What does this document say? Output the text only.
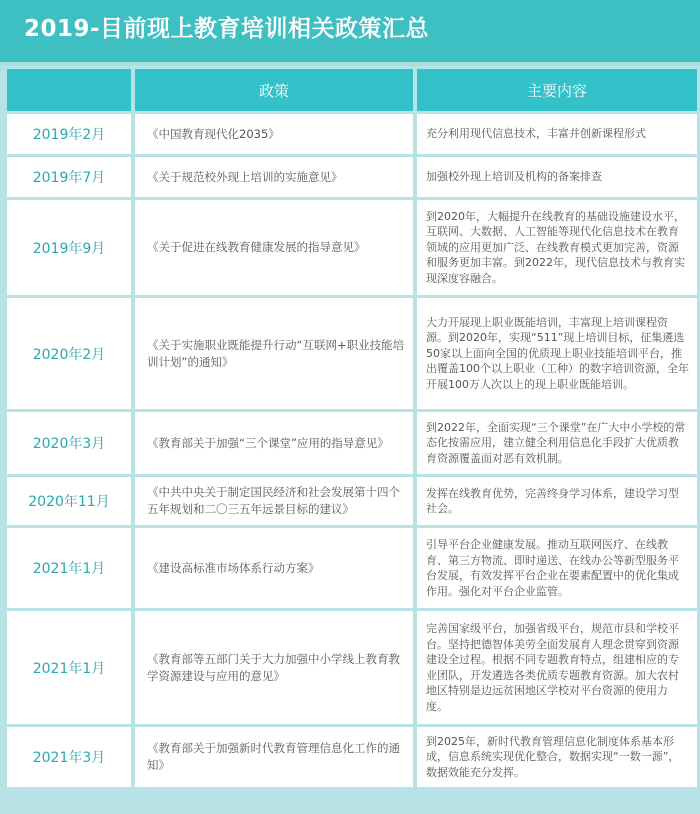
2019-目前现上教育培训相关政策汇总
	政策	主要内容
2019年2月	《中国教育现代化2035》	充分利用现代信息技术，丰富并创新课程形式
2019年7月	《关于规范校外现上培训的实施意见》	加强校外现上培训及机构的备案排查
2019年9月	《关于促进在线教育健康发展的指导意见》	到2020年，大幅提升在线教育的基础设施建设水平，互联网、大数据、人工智能等现代化信息技术在教育领域的应用更加广泛、在线教育模式更加完善，资源和服务更加丰富。到2022年，现代信息技术与教育实现深度容融合。
2020年2月	《关于实施职业既能提升行动“互联网+职业技能培训计划”的通知》	大力开展现上职业既能培训，丰富现上培训课程资源。到2020年，实现“511”现上培训目标，征集遴选50家以上面向全国的优质现上职业技能培训平台，推出覆盖100个以上职业（工种）的数字培训资源，全年开展100万人次以上的现上职业既能培训。
2020年3月	《教育部关于加强“三个课堂”应用的指导意见》	到2022年，全面实现“三个课堂”在广大中小学校的常态化按需应用，建立健全利用信息化手段扩大优质教育资源覆盖面对恶有效机制。
2020年11月	《中共中央关于制定国民经济和社会发展第十四个五年规划和二〇三五年远景目标的建议》	发挥在线教育优势，完善终身学习体系，建设学习型社会。
2021年1月	《建设高标准市场体系行动方案》	引导平台企业健康发展。推动互联网医疗、在线教育、第三方物流、即时递送、在线办公等新型服务平台发展，有效发挥平台企业在要素配置中的优化集成作用。强化对平台企业监管。
2021年1月	《教育部等五部门关于大力加强中小学线上教育教学资源建设与应用的意见》	完善国家级平台，加强省级平台，规范市县和学校平台。坚持把德智体美劳全面发展育人理念贯穿到资源建设全过程。根据不同专题教育特点，组建相应的专业团队，开发遴选各类优质专题教育资源。加大农村地区特别是边远贫困地区学校对平台资源的使用力度。
2021年3月	《教育部关于加强新时代教育管理信息化工作的通知》	到2025年，新时代教育管理信息化制度体系基本形成，信息系统实现优化整合，数据实现“一数一源”，数据效能充分发挥。
